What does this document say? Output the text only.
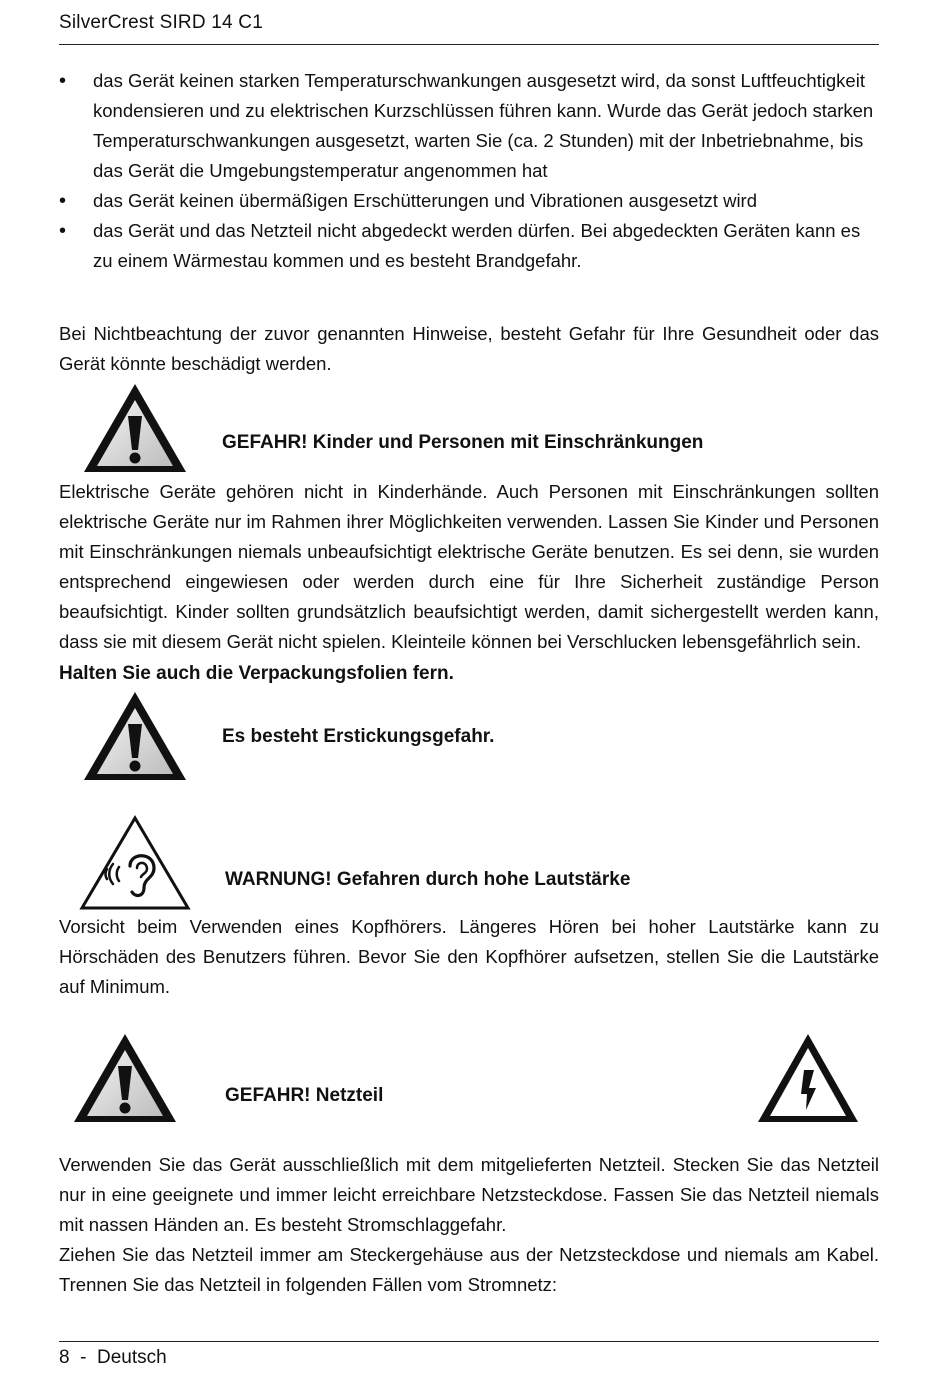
SilverCrest SIRD 14 C1
• das Gerät keinen starken Temperaturschwankungen ausgesetzt wird, da sonst Luftfeuchtigkeit kondensieren und zu elektrischen Kurzschlüssen führen kann. Wurde das Gerät jedoch starken Temperaturschwankungen ausgesetzt, warten Sie (ca. 2 Stunden) mit der Inbetriebnahme, bis das Gerät die Umgebungstemperatur angenommen hat
• das Gerät keinen übermäßigen Erschütterungen und Vibrationen ausgesetzt wird
• das Gerät und das Netzteil nicht abgedeckt werden dürfen. Bei abgedeckten Geräten kann es zu einem Wärmestau kommen und es besteht Brandgefahr.
Bei Nichtbeachtung der zuvor genannten Hinweise, besteht Gefahr für Ihre Gesundheit oder das Gerät könnte beschädigt werden.
GEFAHR! Kinder und Personen mit Einschränkungen
Elektrische Geräte gehören nicht in Kinderhände. Auch Personen mit Einschränkungen sollten elektrische Geräte nur im Rahmen ihrer Möglichkeiten verwenden. Lassen Sie Kinder und Personen mit Einschränkungen niemals unbeaufsichtigt elektrische Geräte benutzen. Es sei denn, sie wurden entsprechend eingewiesen oder werden durch eine für Ihre Sicherheit zuständige Person beaufsichtigt. Kinder sollten grundsätzlich beaufsichtigt werden, damit sichergestellt werden kann, dass sie mit diesem Gerät nicht spielen. Kleinteile können bei Verschlucken lebensgefährlich sein.
Halten Sie auch die Verpackungsfolien fern.
Es besteht Erstickungsgefahr.
WARNUNG! Gefahren durch hohe Lautstärke
Vorsicht beim Verwenden eines Kopfhörers. Längeres Hören bei hoher Lautstärke kann zu Hörschäden des Benutzers führen. Bevor Sie den Kopfhörer aufsetzen, stellen Sie die Lautstärke auf Minimum.
GEFAHR! Netzteil
Verwenden Sie das Gerät ausschließlich mit dem mitgelieferten Netzteil. Stecken Sie das Netzteil nur in eine geeignete und immer leicht erreichbare Netzsteckdose. Fassen Sie das Netzteil niemals mit nassen Händen an. Es besteht Stromschlaggefahr.
Ziehen Sie das Netzteil immer am Steckergehäuse aus der Netzsteckdose und niemals am Kabel. Trennen Sie das Netzteil in folgenden Fällen vom Stromnetz:
8  -  Deutsch
